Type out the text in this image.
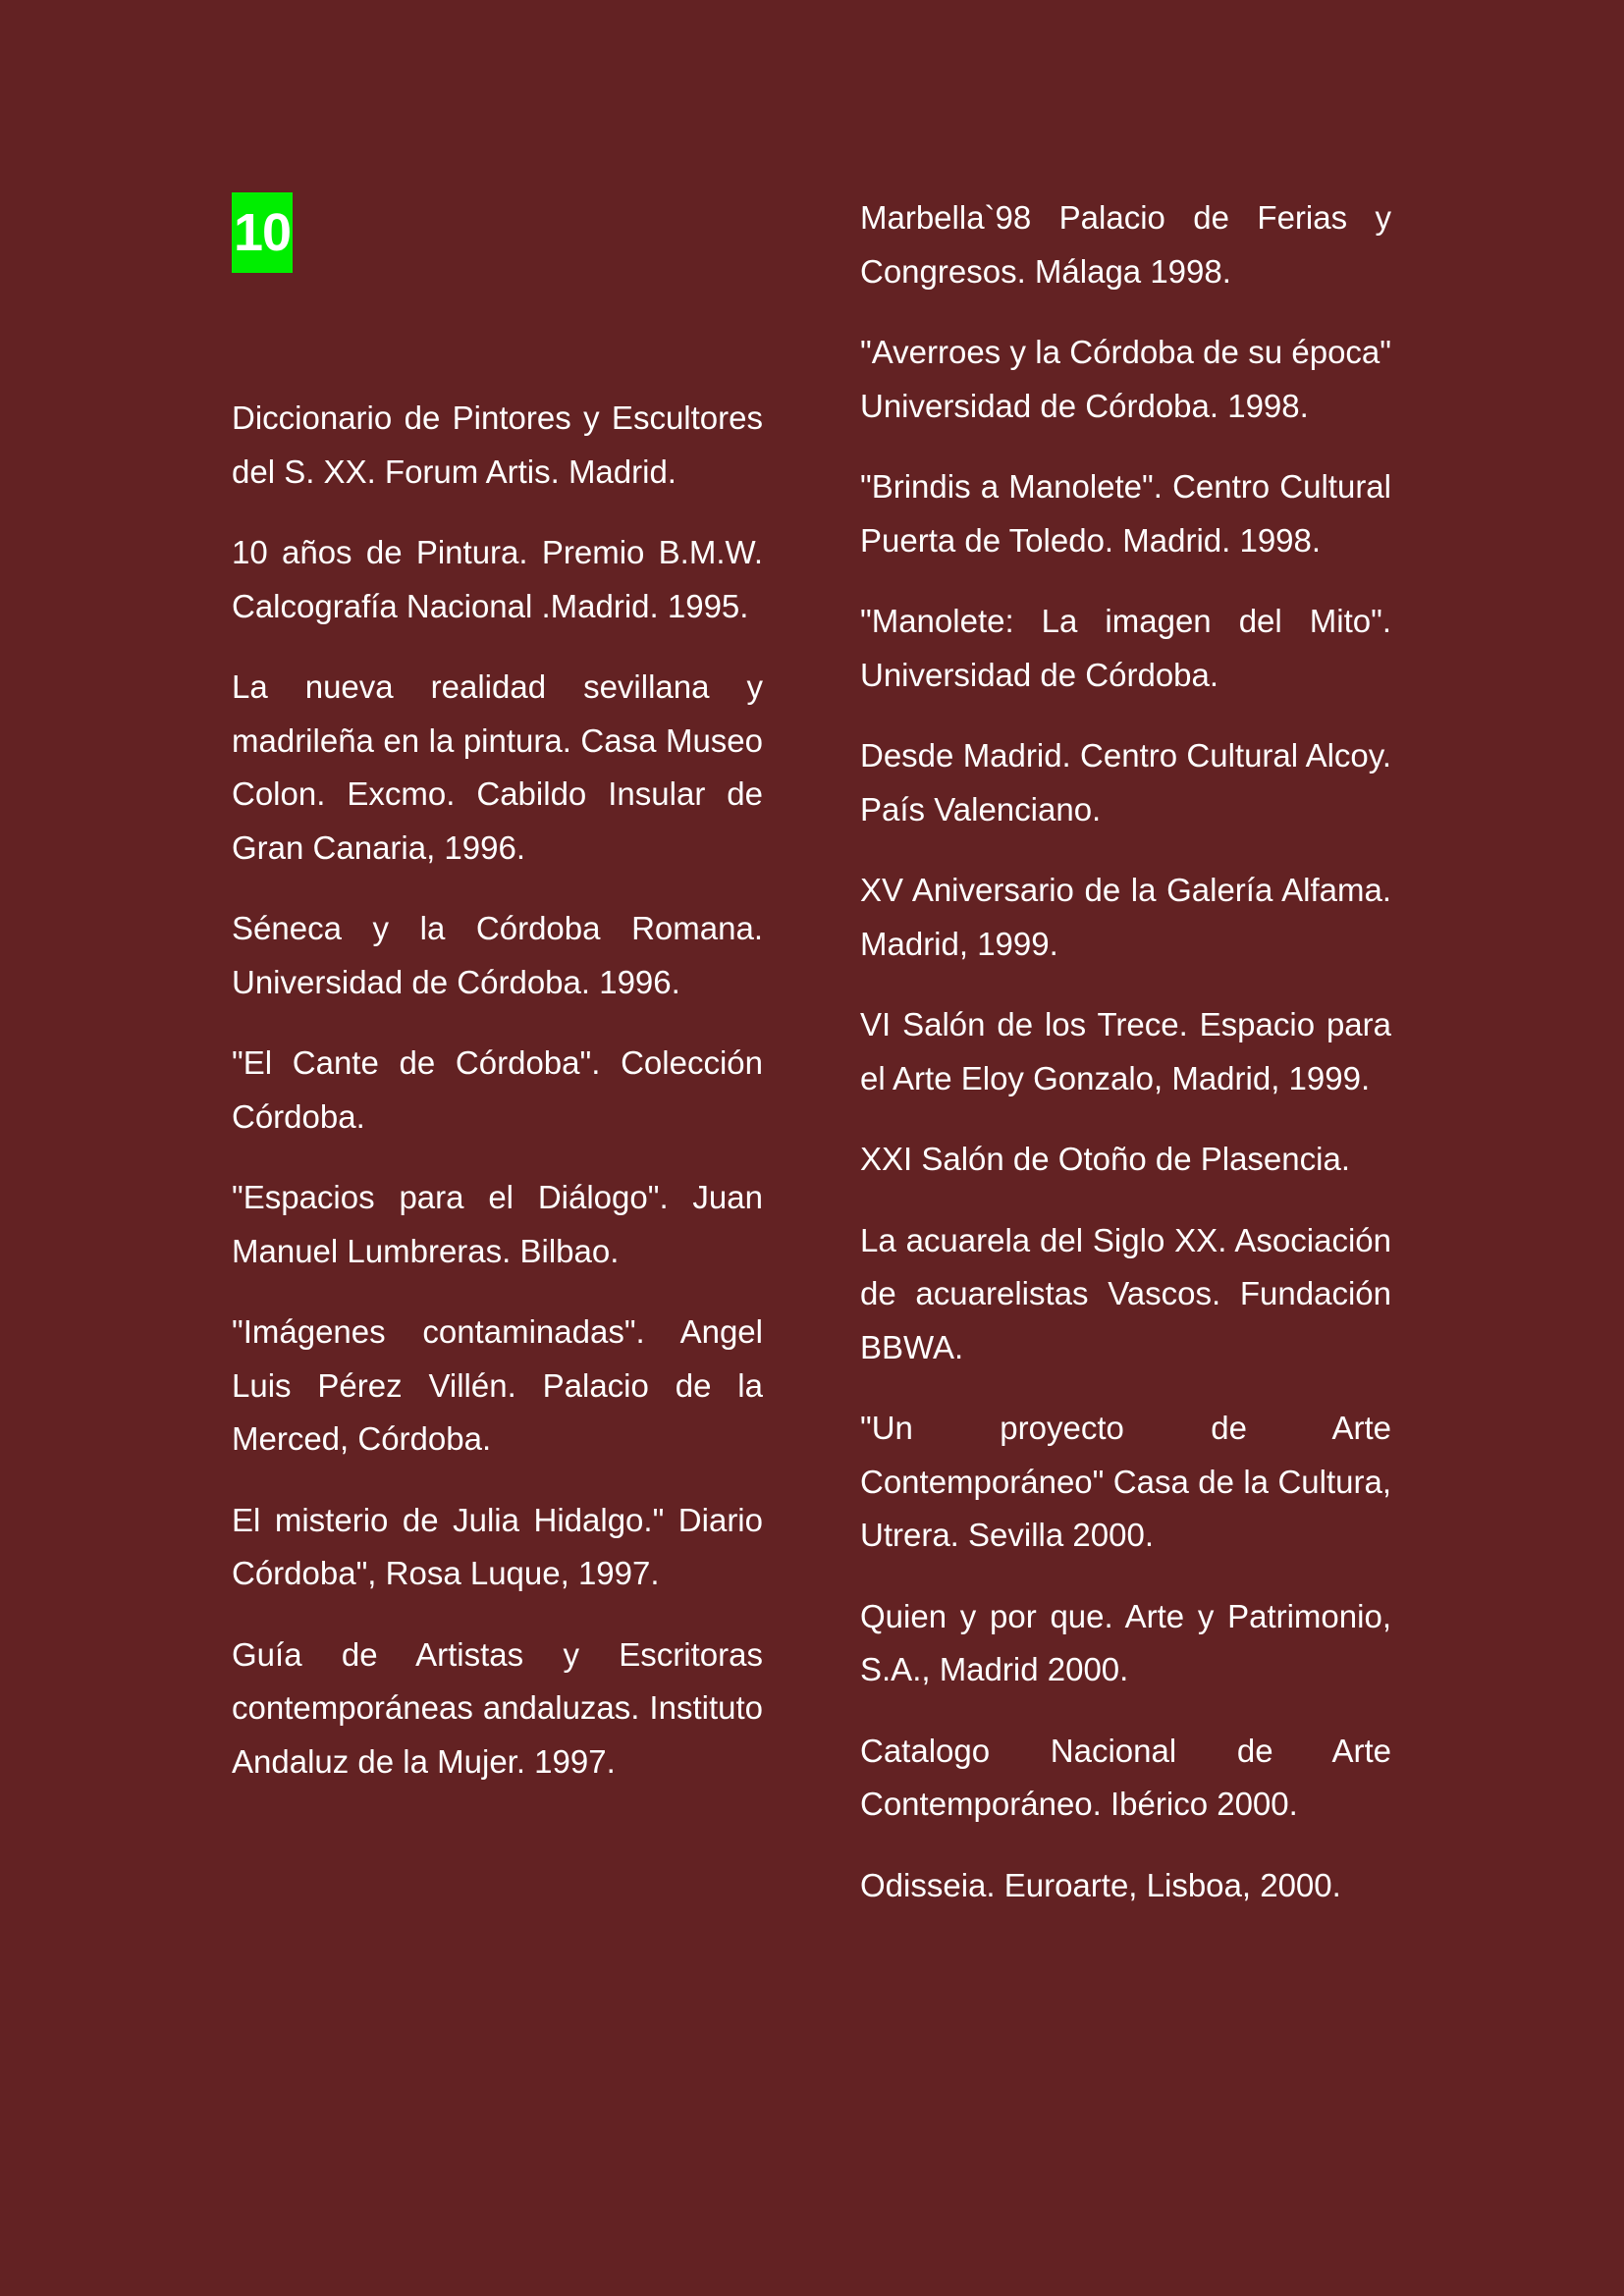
10

Diccionario de Pintores y Escultores del S. XX. Forum Artis. Madrid.

10 años de Pintura. Premio B.M.W. Calcografía Nacional .Madrid. 1995.

La nueva realidad sevillana y madrileña en la pintura. Casa Museo Colon. Excmo. Cabildo Insular de Gran Canaria, 1996.

Séneca y la Córdoba Romana. Universidad de Córdoba. 1996.

"El Cante de Córdoba". Colección Córdoba.

"Espacios para el Diálogo". Juan Manuel Lumbreras. Bilbao.

"Imágenes contaminadas". Angel Luis Pérez Villén. Palacio de la Merced, Córdoba.

El misterio de Julia Hidalgo." Diario Córdoba", Rosa Luque, 1997.

Guía de Artistas y Escritoras contemporáneas andaluzas. Instituto Andaluz de la Mujer. 1997.

Marbella`98 Palacio de Ferias y Congresos. Málaga 1998.

"Averroes y la Córdoba de su época" Universidad de Córdoba. 1998.

"Brindis a Manolete". Centro Cultural Puerta de Toledo. Madrid. 1998.

"Manolete: La imagen del Mito". Universidad de Córdoba.

Desde Madrid. Centro Cultural Alcoy. País Valenciano.

XV Aniversario de la Galería Alfama. Madrid, 1999.

VI Salón de los Trece. Espacio para el Arte Eloy Gonzalo, Madrid, 1999.

XXI Salón de Otoño de Plasencia.

La acuarela del Siglo XX. Asociación de acuarelistas Vascos. Fundación BBWA.

"Un proyecto de Arte Contemporáneo" Casa de la Cultura, Utrera. Sevilla 2000.

Quien y por que. Arte y Patrimonio, S.A., Madrid 2000.

Catalogo Nacional de Arte Contemporáneo. Ibérico 2000.

Odisseia. Euroarte, Lisboa, 2000.
